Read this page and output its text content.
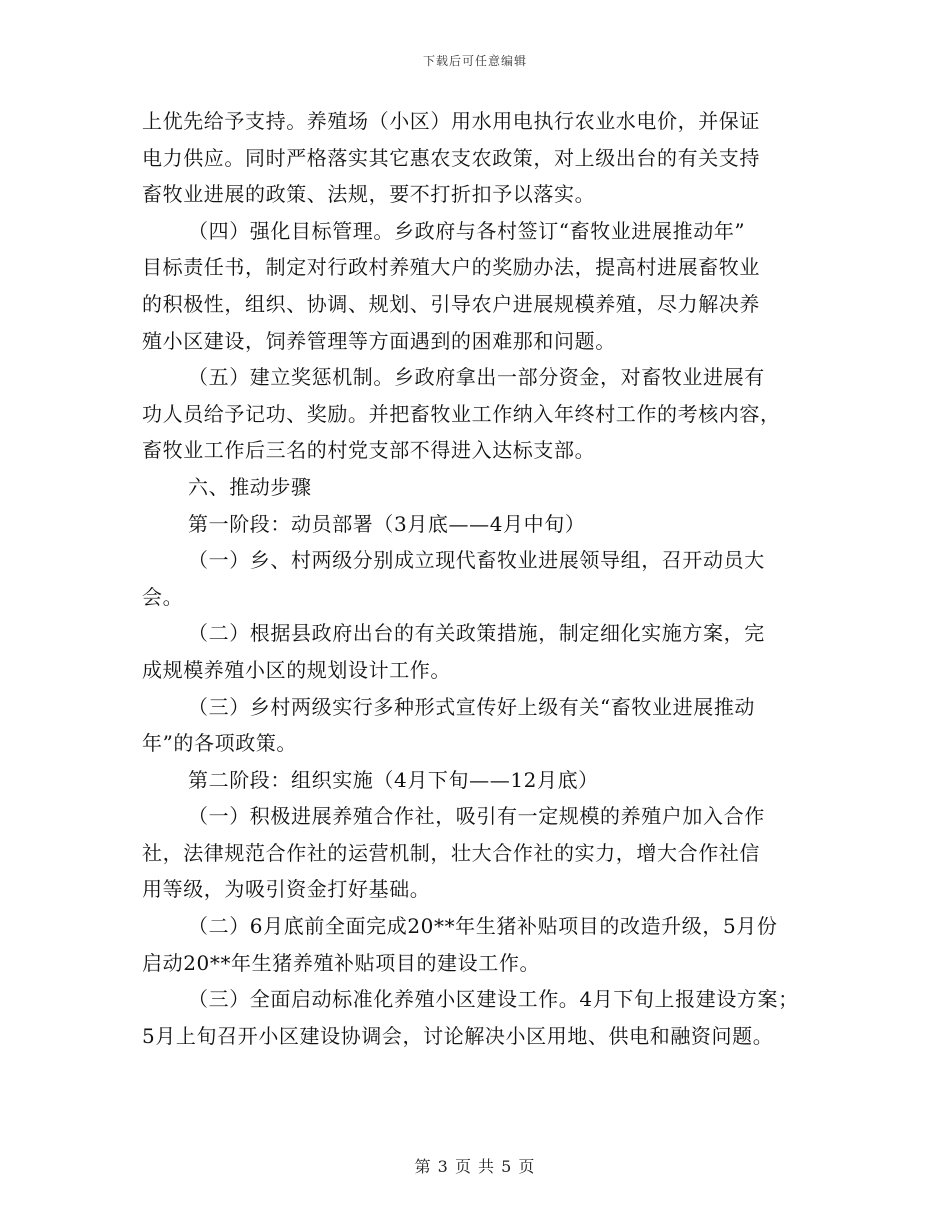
下载后可任意编辑
上优先给予支持。养殖场（小区）用水用电执行农业水电价，并保证
电力供应。同时严格落实其它惠农支农政策，对上级出台的有关支持
畜牧业进展的政策、法规，要不打折扣予以落实。
（四）强化目标管理。乡政府与各村签订“畜牧业进展推动年”
目标责任书，制定对行政村养殖大户的奖励办法，提高村进展畜牧业
的积极性，组织、协调、规划、引导农户进展规模养殖，尽力解决养
殖小区建设，饲养管理等方面遇到的困难那和问题。
（五）建立奖惩机制。乡政府拿出一部分资金，对畜牧业进展有
功人员给予记功、奖励。并把畜牧业工作纳入年终村工作的考核内容，
畜牧业工作后三名的村党支部不得进入达标支部。
六、推动步骤
第一阶段：动员部署（3月底——4月中旬）
（一）乡、村两级分别成立现代畜牧业进展领导组，召开动员大
会。
（二）根据县政府出台的有关政策措施，制定细化实施方案，完
成规模养殖小区的规划设计工作。
（三）乡村两级实行多种形式宣传好上级有关“畜牧业进展推动
年”的各项政策。
第二阶段：组织实施（4月下旬——12月底）
（一）积极进展养殖合作社，吸引有一定规模的养殖户加入合作
社，法律规范合作社的运营机制，壮大合作社的实力，增大合作社信
用等级，为吸引资金打好基础。
（二）6月底前全面完成20**年生猪补贴项目的改造升级，5月份
启动20**年生猪养殖补贴项目的建设工作。
（三）全面启动标准化养殖小区建设工作。4月下旬上报建设方案；
5月上旬召开小区建设协调会，讨论解决小区用地、供电和融资问题。
第 3 页 共 5 页
